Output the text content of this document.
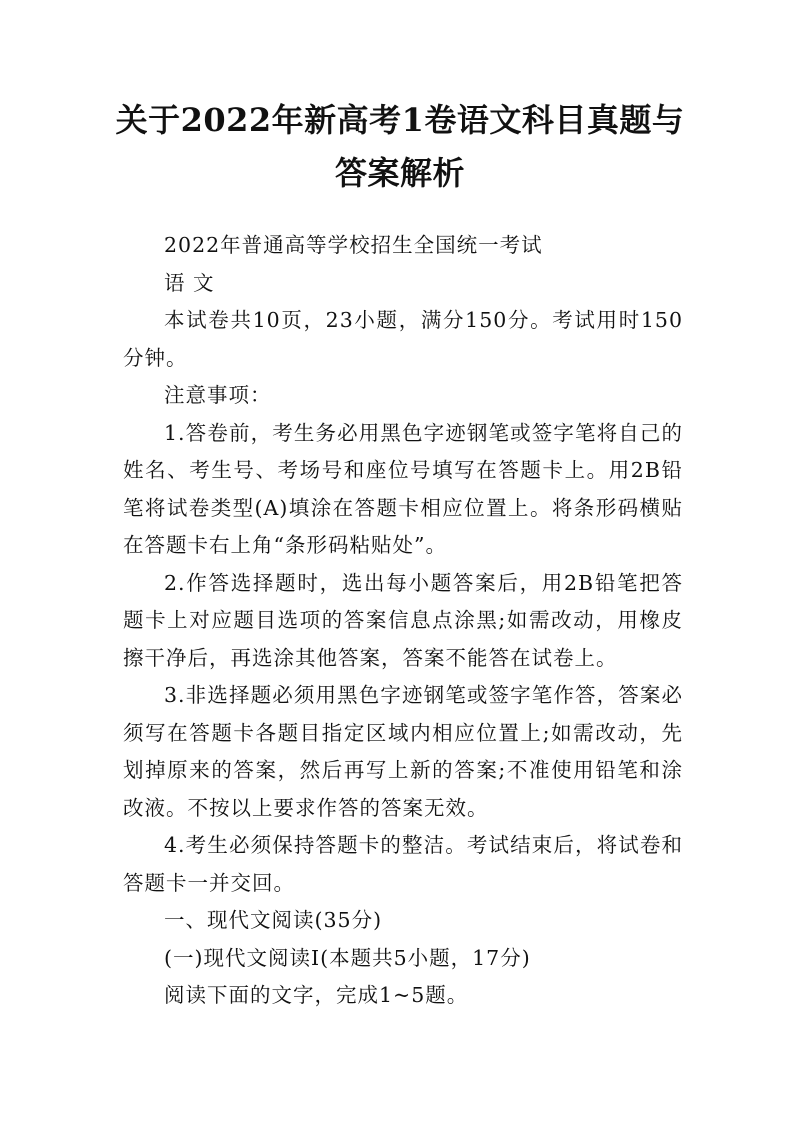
关于2022年新高考1卷语文科目真题与答案解析

2022年普通高等学校招生全国统一考试

语 文

本试卷共10页，23小题，满分150分。考试用时150分钟。

注意事项：

1.答卷前，考生务必用黑色字迹钢笔或签字笔将自己的姓名、考生号、考场号和座位号填写在答题卡上。用2B铅笔将试卷类型(A)填涂在答题卡相应位置上。将条形码横贴在答题卡右上角“条形码粘贴处”。

2.作答选择题时，选出每小题答案后，用2B铅笔把答题卡上对应题目选项的答案信息点涂黑;如需改动，用橡皮擦干净后，再选涂其他答案，答案不能答在试卷上。

3.非选择题必须用黑色字迹钢笔或签字笔作答，答案必须写在答题卡各题目指定区域内相应位置上;如需改动，先划掉原来的答案，然后再写上新的答案;不准使用铅笔和涂改液。不按以上要求作答的答案无效。

4.考生必须保持答题卡的整洁。考试结束后，将试卷和答题卡一并交回。

一、现代文阅读(35分)

(一)现代文阅读Ⅰ(本题共5小题，17分)

阅读下面的文字，完成1~5题。
